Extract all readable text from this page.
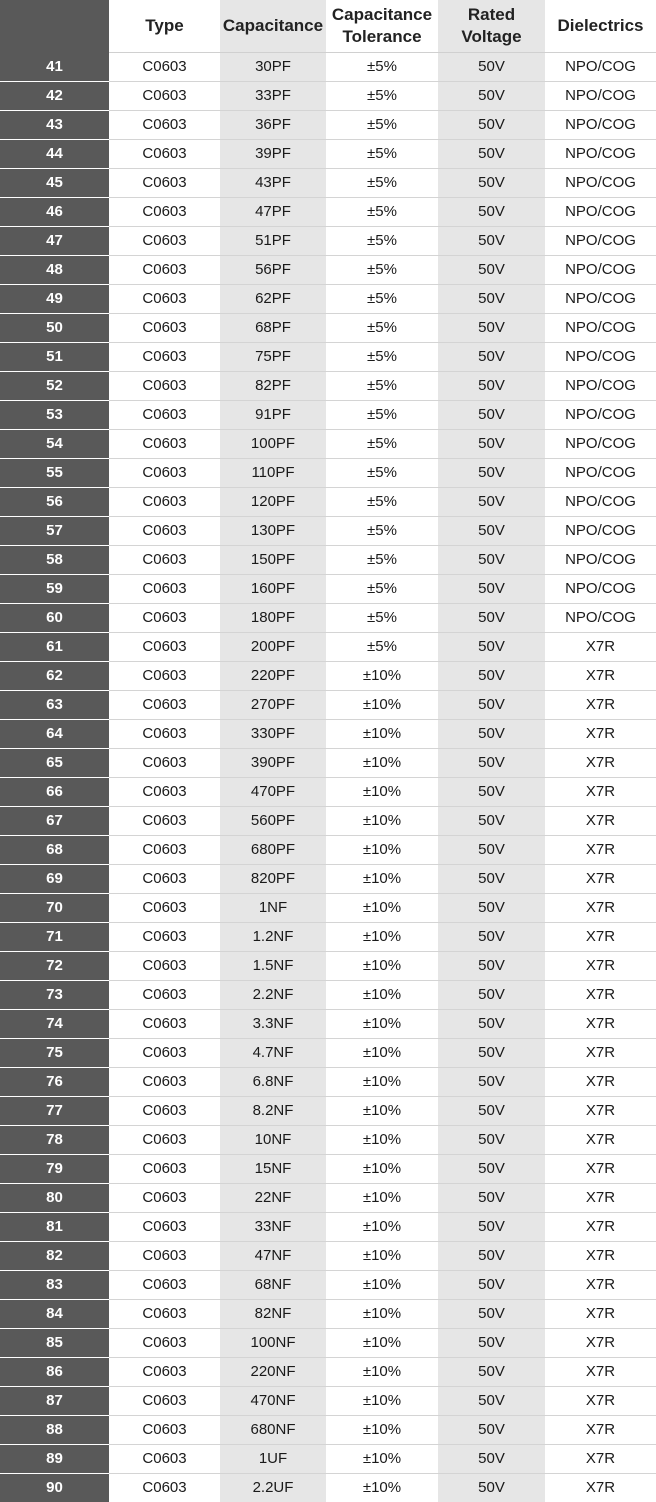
	Type	Capacitance	Capacitance Tolerance	Rated Voltage	Dielectrics
41	C0603	30PF	±5%	50V	NPO/COG
42	C0603	33PF	±5%	50V	NPO/COG
43	C0603	36PF	±5%	50V	NPO/COG
44	C0603	39PF	±5%	50V	NPO/COG
45	C0603	43PF	±5%	50V	NPO/COG
46	C0603	47PF	±5%	50V	NPO/COG
47	C0603	51PF	±5%	50V	NPO/COG
48	C0603	56PF	±5%	50V	NPO/COG
49	C0603	62PF	±5%	50V	NPO/COG
50	C0603	68PF	±5%	50V	NPO/COG
51	C0603	75PF	±5%	50V	NPO/COG
52	C0603	82PF	±5%	50V	NPO/COG
53	C0603	91PF	±5%	50V	NPO/COG
54	C0603	100PF	±5%	50V	NPO/COG
55	C0603	110PF	±5%	50V	NPO/COG
56	C0603	120PF	±5%	50V	NPO/COG
57	C0603	130PF	±5%	50V	NPO/COG
58	C0603	150PF	±5%	50V	NPO/COG
59	C0603	160PF	±5%	50V	NPO/COG
60	C0603	180PF	±5%	50V	NPO/COG
61	C0603	200PF	±5%	50V	X7R
62	C0603	220PF	±10%	50V	X7R
63	C0603	270PF	±10%	50V	X7R
64	C0603	330PF	±10%	50V	X7R
65	C0603	390PF	±10%	50V	X7R
66	C0603	470PF	±10%	50V	X7R
67	C0603	560PF	±10%	50V	X7R
68	C0603	680PF	±10%	50V	X7R
69	C0603	820PF	±10%	50V	X7R
70	C0603	1NF	±10%	50V	X7R
71	C0603	1.2NF	±10%	50V	X7R
72	C0603	1.5NF	±10%	50V	X7R
73	C0603	2.2NF	±10%	50V	X7R
74	C0603	3.3NF	±10%	50V	X7R
75	C0603	4.7NF	±10%	50V	X7R
76	C0603	6.8NF	±10%	50V	X7R
77	C0603	8.2NF	±10%	50V	X7R
78	C0603	10NF	±10%	50V	X7R
79	C0603	15NF	±10%	50V	X7R
80	C0603	22NF	±10%	50V	X7R
81	C0603	33NF	±10%	50V	X7R
82	C0603	47NF	±10%	50V	X7R
83	C0603	68NF	±10%	50V	X7R
84	C0603	82NF	±10%	50V	X7R
85	C0603	100NF	±10%	50V	X7R
86	C0603	220NF	±10%	50V	X7R
87	C0603	470NF	±10%	50V	X7R
88	C0603	680NF	±10%	50V	X7R
89	C0603	1UF	±10%	50V	X7R
90	C0603	2.2UF	±10%	50V	X7R
